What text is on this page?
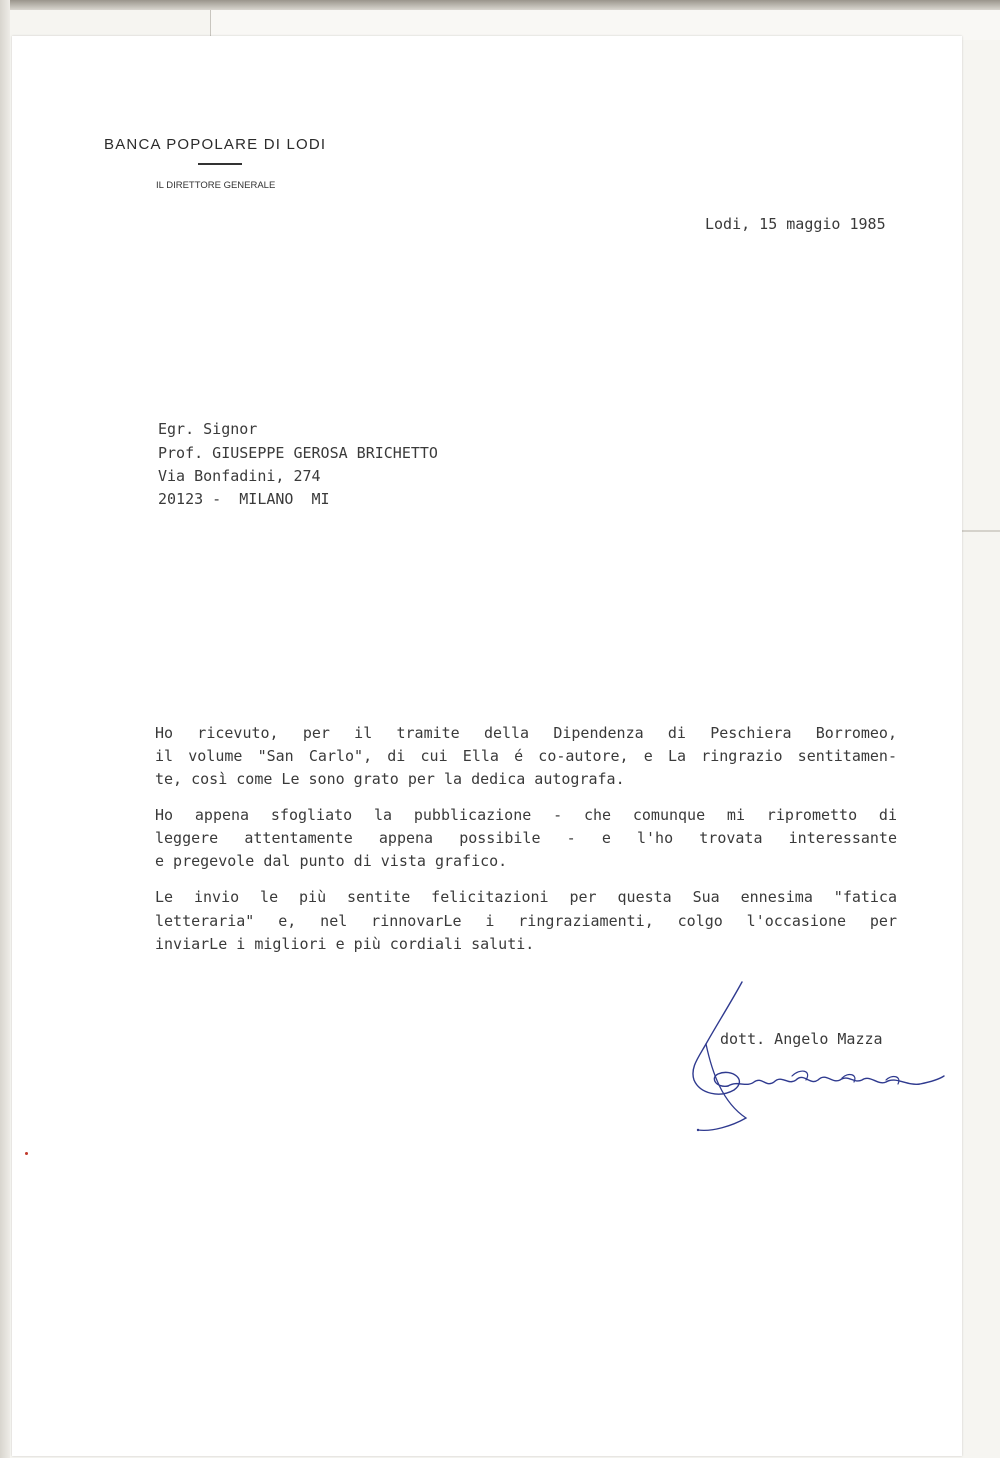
BANCA POPOLARE DI LODI
IL DIRETTORE GENERALE
Lodi, 15 maggio 1985
Egr. Signor
Prof. GIUSEPPE GEROSA BRICHETTO
Via Bonfadini, 274
20123 -  MILANO  MI
Ho ricevuto, per il tramite della Dipendenza di Peschiera Borromeo,
il volume "San Carlo", di cui Ella é co-autore, e La ringrazio sentitamen-
te, così come Le sono grato per la dedica autografa.
Ho appena sfogliato la pubblicazione - che comunque mi riprometto di
leggere attentamente appena possibile - e l'ho trovata interessante
e pregevole dal punto di vista grafico.
Le invio le più sentite felicitazioni per questa Sua ennesima "fatica
letteraria" e, nel rinnovarLe i ringraziamenti, colgo l'occasione per
inviarLe i migliori e più cordiali saluti.
dott. Angelo Mazza
